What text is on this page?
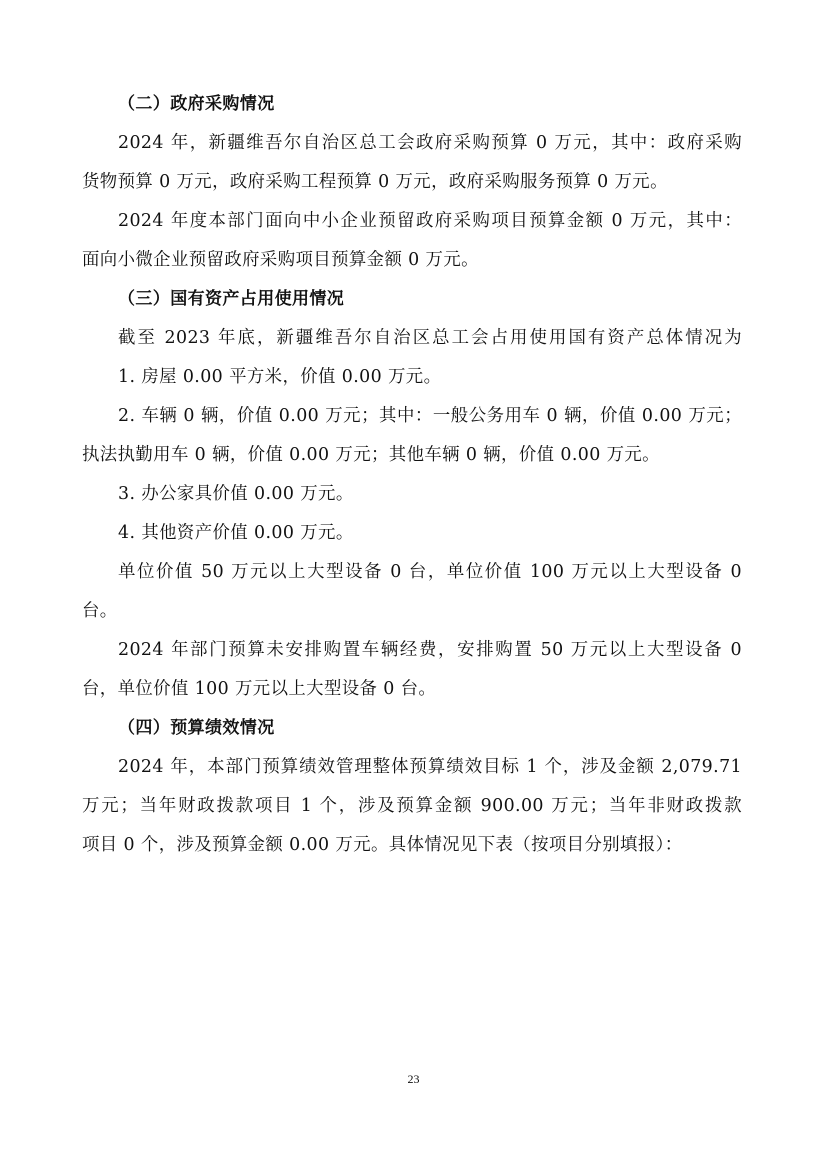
（二）政府采购情况
2024 年，新疆维吾尔自治区总工会政府采购预算 0 万元，其中：政府采购
货物预算 0 万元，政府采购工程预算 0 万元，政府采购服务预算 0 万元。
2024 年度本部门面向中小企业预留政府采购项目预算金额 0 万元，其中：
面向小微企业预留政府采购项目预算金额 0 万元。
（三）国有资产占用使用情况
截至 2023 年底，新疆维吾尔自治区总工会占用使用国有资产总体情况为
1. 房屋 0.00 平方米，价值 0.00 万元。
2. 车辆 0 辆，价值 0.00 万元；其中：一般公务用车 0 辆，价值 0.00 万元；
执法执勤用车 0 辆，价值 0.00 万元；其他车辆 0 辆，价值 0.00 万元。
3. 办公家具价值 0.00 万元。
4. 其他资产价值 0.00 万元。
单位价值 50 万元以上大型设备 0 台，单位价值 100 万元以上大型设备 0
台。
2024 年部门预算未安排购置车辆经费，安排购置 50 万元以上大型设备 0
台，单位价值 100 万元以上大型设备 0 台。
（四）预算绩效情况
2024 年，本部门预算绩效管理整体预算绩效目标 1 个，涉及金额 2,079.71
万元；当年财政拨款项目 1 个，涉及预算金额 900.00 万元；当年非财政拨款
项目 0 个，涉及预算金额 0.00 万元。具体情况见下表（按项目分别填报）：
23
